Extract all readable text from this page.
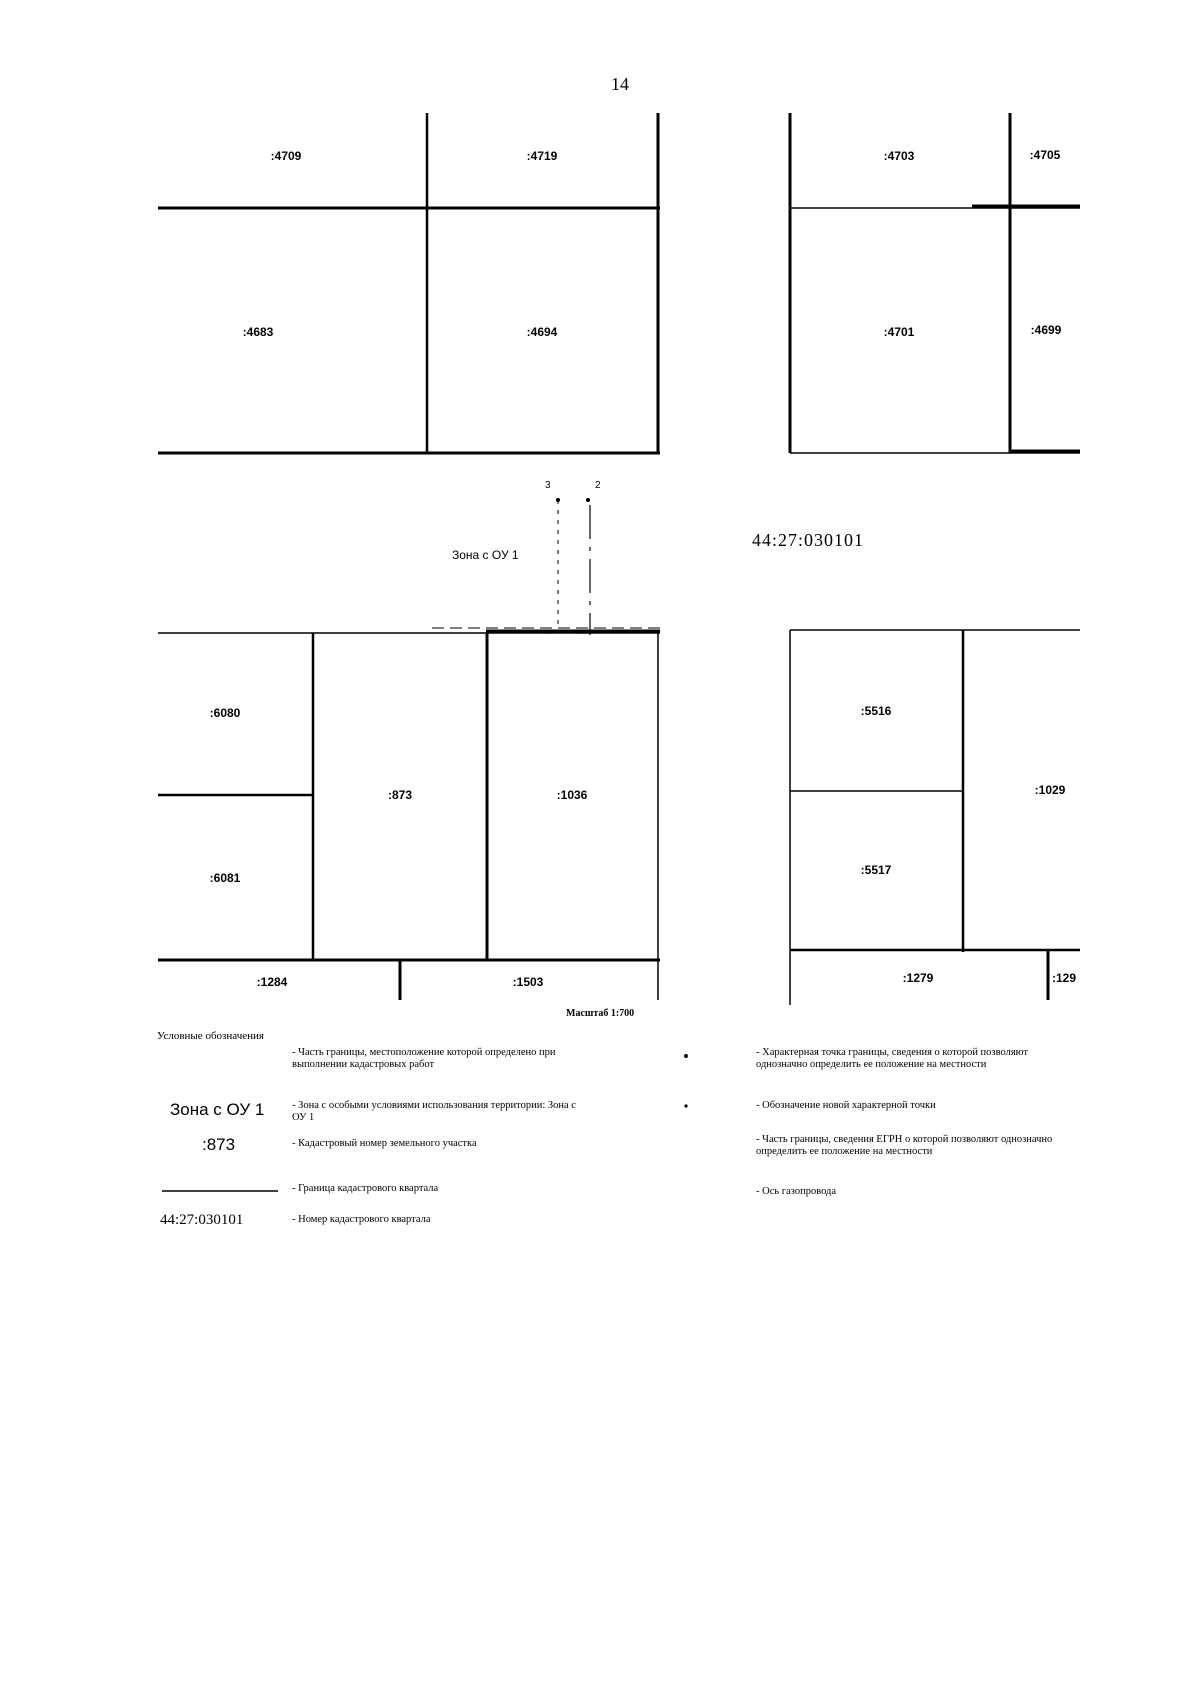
14
:4709	:4719	:4703	:4705
:4683	:4694	:4701	:4699
:6080
:6081
:873	:1036
:5516
:5517
:1029
:1284	:1503	:1279	:129
3	2
Зона с ОУ 1
44:27:030101
Масштаб 1:700
Условные обозначения
- Часть границы, местоположение которой определено при выполнении кадастровых работ
Зона с ОУ 1	- Зона с особыми условиями использования территории: Зона с ОУ 1
:873	- Кадастровый номер земельного участка
- Граница кадастрового квартала
44:27:030101	- Номер кадастрового квартала
- Характерная точка границы, сведения о которой позволяют однозначно определить ее положение на местности
- Обозначение новой характерной точки
- Часть границы, сведения ЕГРН о которой позволяют однозначно определить ее положение на местности
- Ось газопровода
